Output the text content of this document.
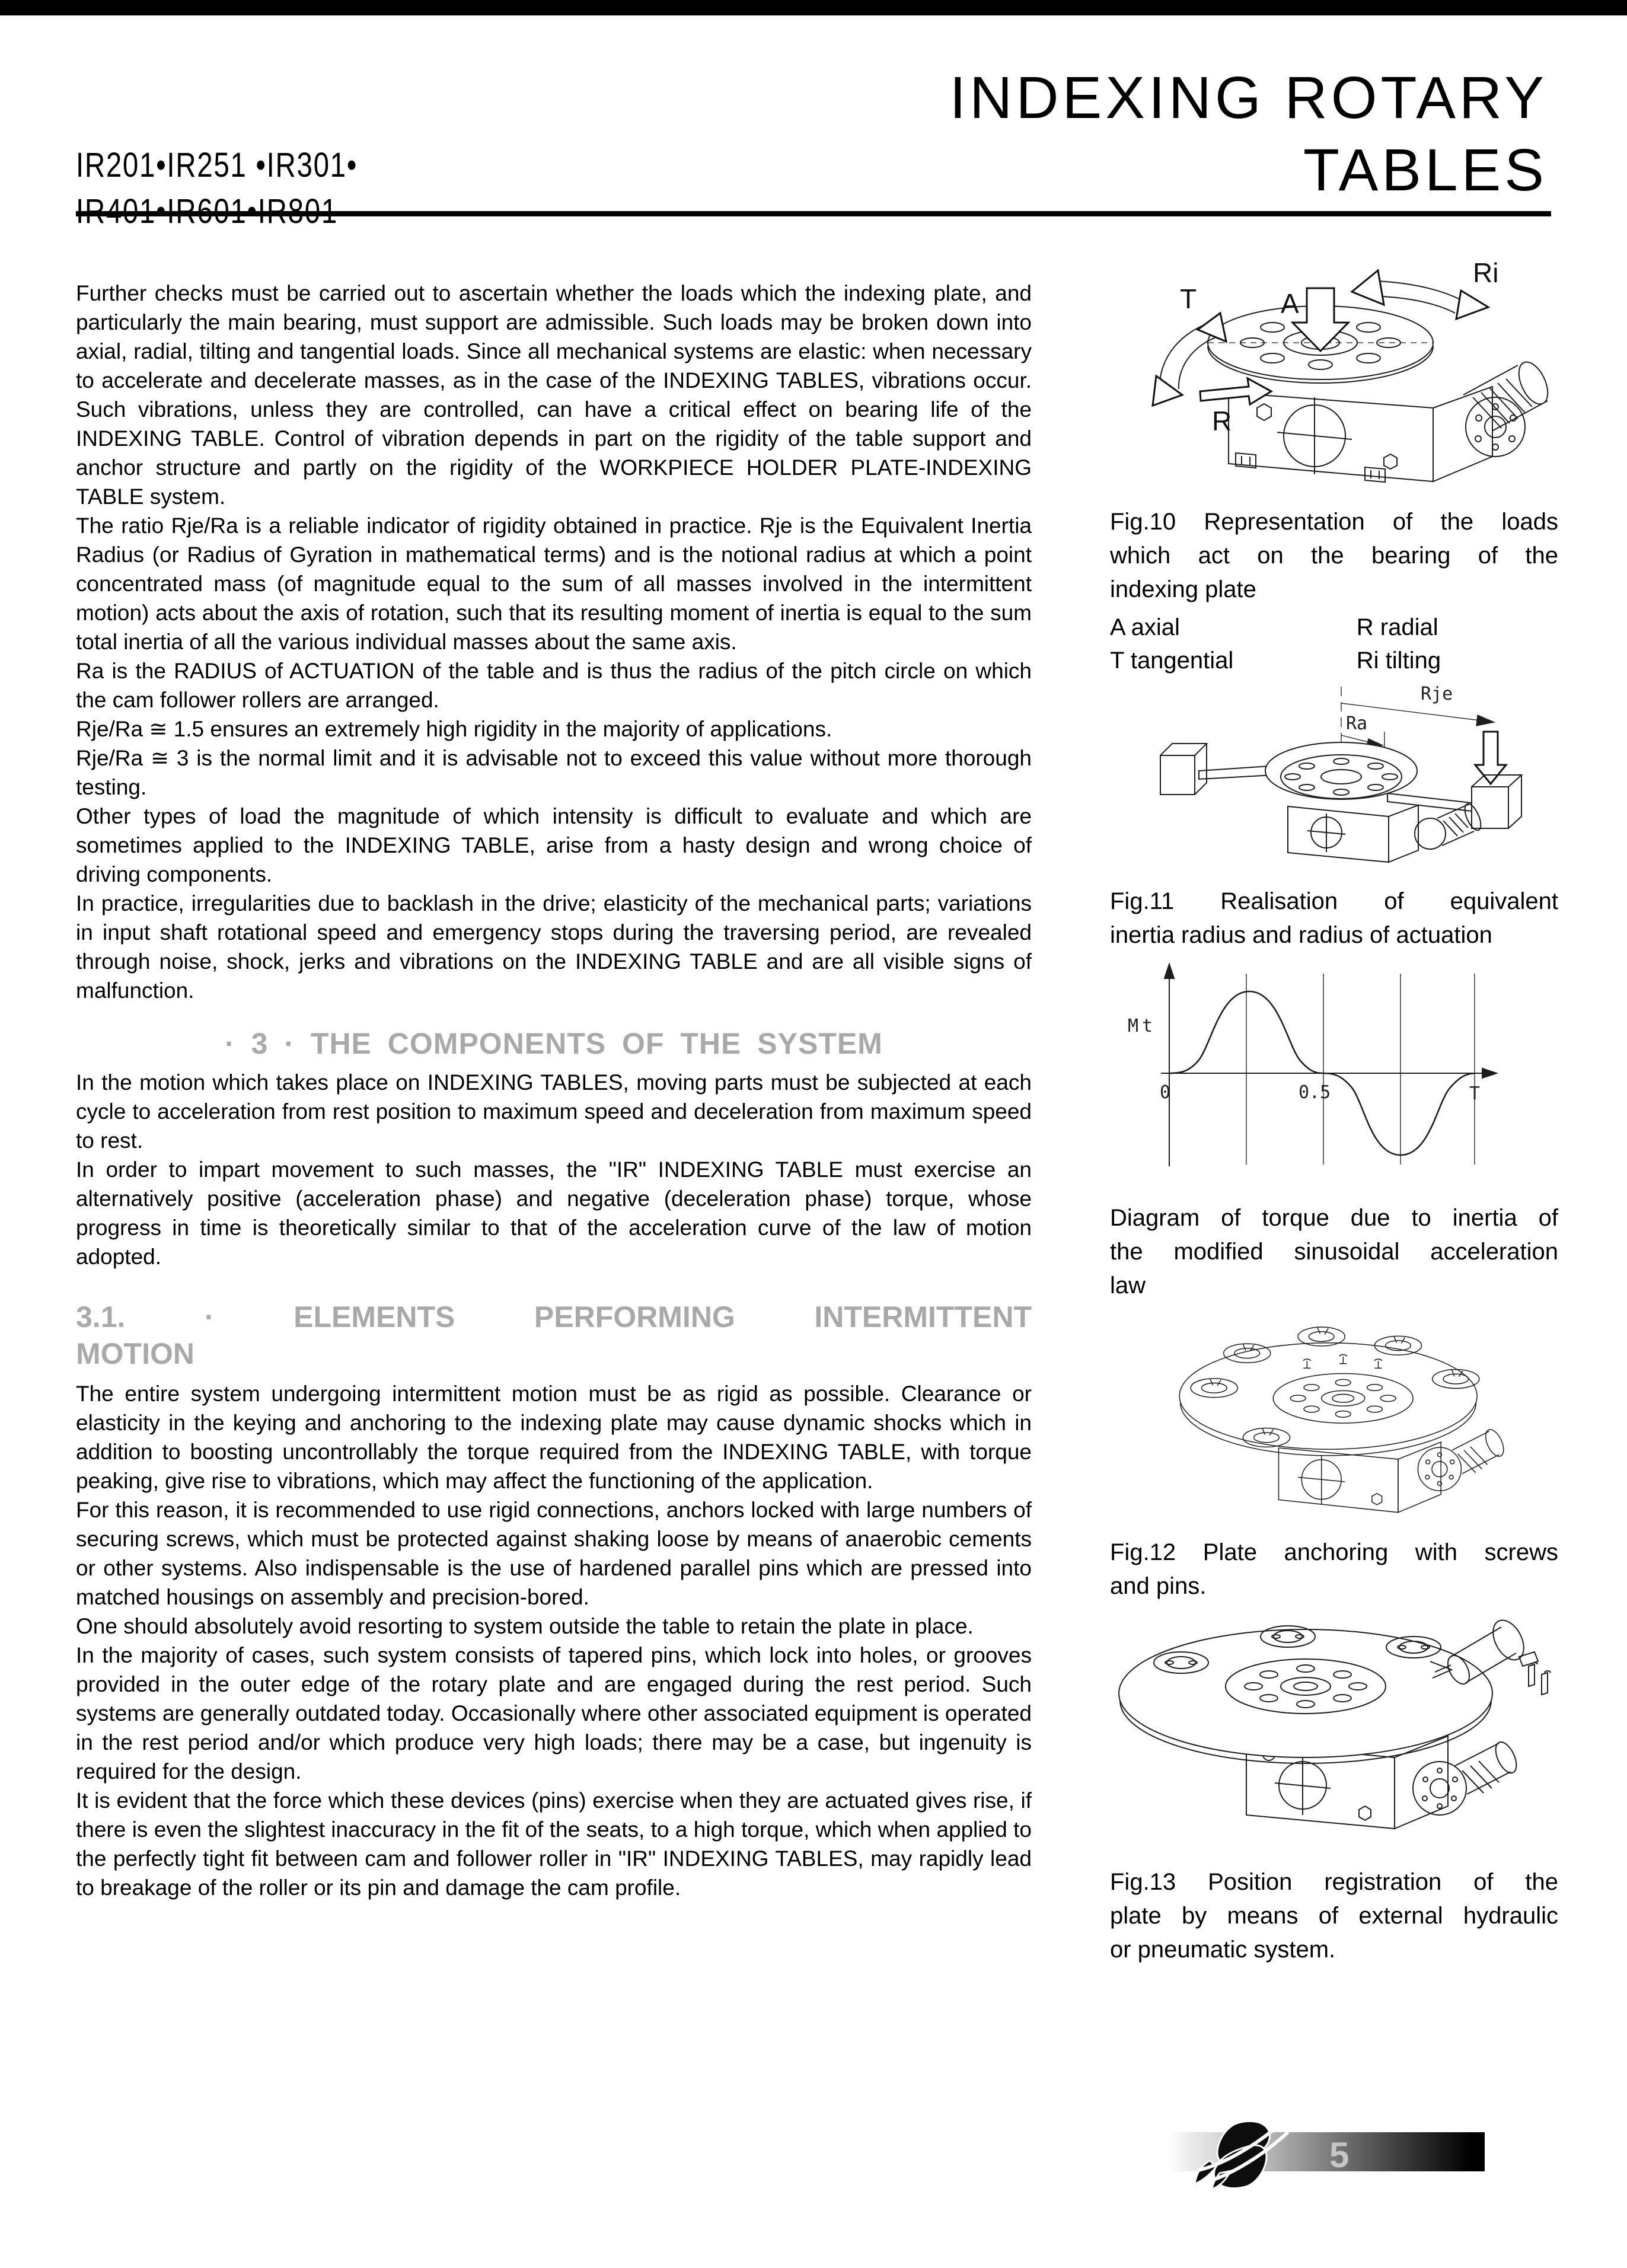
IR201•IR251 •IR301•
INDEXING ROTARY
TABLES

Further checks must be carried out to ascertain whether the loads which the indexing plate, and particularly the main bearing, must support are admissible. Such loads may be broken down into axial, radial, tilting and tangential loads. Since all mechanical systems are elastic: when necessary to accelerate and decelerate masses, as in the case of the INDEXING TABLES, vibrations occur. Such vibrations, unless they are controlled, can have a critical effect on bearing life of the INDEXING TABLE. Control of vibration depends in part on the rigidity of the table support and anchor structure and partly on the rigidity of the WORKPIECE HOLDER PLATE-INDEXING TABLE system.

The ratio Rje/Ra is a reliable indicator of rigidity obtained in practice. Rje is the Equivalent Inertia Radius (or Radius of Gyration in mathematical terms) and is the notional radius at which a point concentrated mass (of magnitude equal to the sum of all masses involved in the intermittent motion) acts about the axis of rotation, such that its resulting moment of inertia is equal to the sum total inertia of all the various individual masses about the same axis.

Ra is the RADIUS of ACTUATION of the table and is thus the radius of the pitch circle on which the cam follower rollers are arranged.

Rje/Ra ≅ 1.5 ensures an extremely high rigidity in the majority of applications.

Rje/Ra ≅ 3 is the normal limit and it is advisable not to exceed this value without more thorough testing.

Other types of load the magnitude of which intensity is difficult to evaluate and which are sometimes applied to the INDEXING TABLE, arise from a hasty design and wrong choice of driving components.

In practice, irregularities due to backlash in the drive; elasticity of the mechanical parts; variations in input shaft rotational speed and emergency stops during the traversing period, are revealed through noise, shock, jerks and vibrations on the INDEXING TABLE and are all visible signs of malfunction.

· 3 · THE COMPONENTS OF THE SYSTEM

In the motion which takes place on INDEXING TABLES, moving parts must be subjected at each cycle to acceleration from rest position to maximum speed and deceleration from maximum speed to rest.

In order to impart movement to such masses, the "IR" INDEXING TABLE must exercise an alternatively positive (acceleration phase) and negative (deceleration phase) torque, whose progress in time is theoretically similar to that of the acceleration curve of the law of motion adopted.

3.1. · ELEMENTS PERFORMING INTERMITTENT
MOTION

The entire system undergoing intermittent motion must be as rigid as possible. Clearance or elasticity in the keying and anchoring to the indexing plate may cause dynamic shocks which in addition to boosting uncontrollably the torque required from the INDEXING TABLE, with torque peaking, give rise to vibrations, which may affect the functioning of the application.

For this reason, it is recommended to use rigid connections, anchors locked with large numbers of securing screws, which must be protected against shaking loose by means of anaerobic cements or other systems. Also indispensable is the use of hardened parallel pins which are pressed into matched housings on assembly and precision-bored.

One should absolutely avoid resorting to system outside the table to retain the plate in place.

In the majority of cases, such system consists of tapered pins, which lock into holes, or grooves provided in the outer edge of the rotary plate and are engaged during the rest period. Such systems are generally outdated today. Occasionally where other associated equipment is operated in the rest period and/or which produce very high loads; there may be a case, but ingenuity is required for the design.

It is evident that the force which these devices (pins) exercise when they are actuated gives rise, if there is even the slightest inaccuracy in the fit of the seats, to a high torque, which when applied to the perfectly tight fit between cam and follower roller in "IR" INDEXING TABLES, may rapidly lead to breakage of the roller or its pin and damage the cam profile.

T	A
R
Ri
Fig.10 Representation of the loads
which act on the bearing of the
indexing plate
A axial	R radial
T tangential	Ri tilting
Rje
Ra
Fig.11 Realisation of equivalent
inertia radius and radius of actuation
Mt
0	0.5	T
Diagram of torque due to inertia of
the modified sinusoidal acceleration
law
Fig.12 Plate anchoring with screws
and pins.
Fig.13 Position registration of the
plate by means of external hydraulic
or pneumatic system.
5
